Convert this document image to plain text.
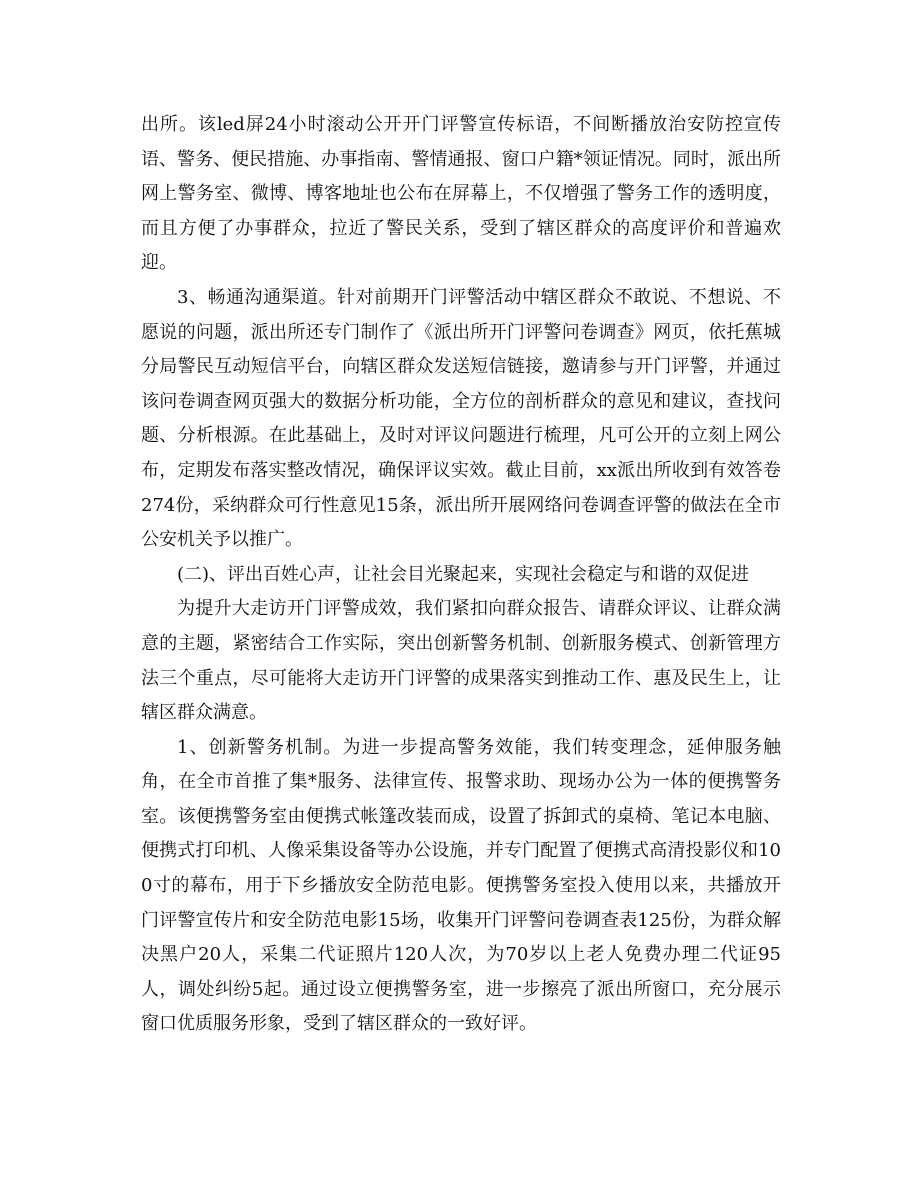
出所。该led屏24小时滚动公开开门评警宣传标语，不间断播放治安防控宣传语、警务、便民措施、办事指南、警情通报、窗口户籍*领证情况。同时，派出所网上警务室、微博、博客地址也公布在屏幕上，不仅增强了警务工作的透明度，而且方便了办事群众，拉近了警民关系，受到了辖区群众的高度评价和普遍欢迎。

3、畅通沟通渠道。针对前期开门评警活动中辖区群众不敢说、不想说、不愿说的问题，派出所还专门制作了《派出所开门评警问卷调查》网页，依托蕉城分局警民互动短信平台，向辖区群众发送短信链接，邀请参与开门评警，并通过该问卷调查网页强大的数据分析功能，全方位的剖析群众的意见和建议，查找问题、分析根源。在此基础上，及时对评议问题进行梳理，凡可公开的立刻上网公布，定期发布落实整改情况，确保评议实效。截止目前，xx派出所收到有效答卷274份，采纳群众可行性意见15条，派出所开展网络问卷调查评警的做法在全市公安机关予以推广。

(二)、评出百姓心声，让社会目光聚起来，实现社会稳定与和谐的双促进

为提升大走访开门评警成效，我们紧扣向群众报告、请群众评议、让群众满意的主题，紧密结合工作实际，突出创新警务机制、创新服务模式、创新管理方法三个重点，尽可能将大走访开门评警的成果落实到推动工作、惠及民生上，让辖区群众满意。

1、创新警务机制。为进一步提高警务效能，我们转变理念，延伸服务触角，在全市首推了集*服务、法律宣传、报警求助、现场办公为一体的便携警务室。该便携警务室由便携式帐篷改装而成，设置了拆卸式的桌椅、笔记本电脑、便携式打印机、人像采集设备等办公设施，并专门配置了便携式高清投影仪和100寸的幕布，用于下乡播放安全防范电影。便携警务室投入使用以来，共播放开门评警宣传片和安全防范电影15场，收集开门评警问卷调查表125份，为群众解决黑户20人，采集二代证照片120人次，为70岁以上老人免费办理二代证95人，调处纠纷5起。通过设立便携警务室，进一步擦亮了派出所窗口，充分展示窗口优质服务形象，受到了辖区群众的一致好评。
